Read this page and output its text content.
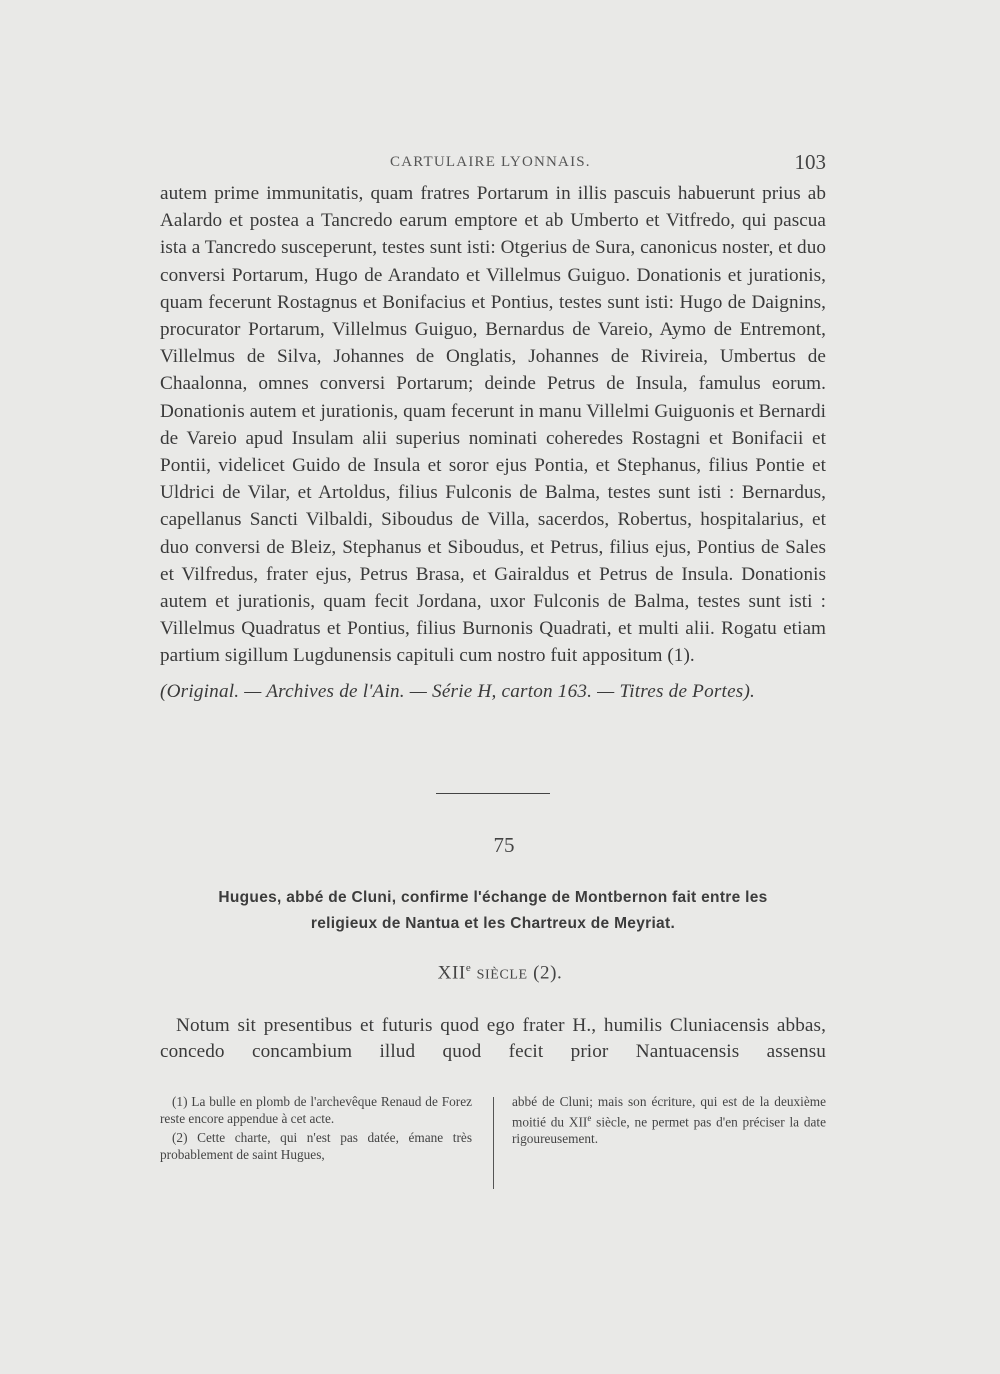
CARTULAIRE LYONNAIS.	103

autem prime immunitatis, quam fratres Portarum in illis pascuis habuerunt prius ab Aalardo et postea a Tancredo earum emptore et ab Umberto et Vitfredo, qui pascua ista a Tancredo susceperunt, testes sunt isti: Otgerius de Sura, canonicus noster, et duo conversi Portarum, Hugo de Arandato et Villelmus Guiguo. Donationis et jurationis, quam fecerunt Rostagnus et Bonifacius et Pontius, testes sunt isti: Hugo de Daignins, procurator Portarum, Villelmus Guiguo, Bernardus de Vareio, Aymo de Entremont, Villelmus de Silva, Johannes de Onglatis, Johannes de Rivireia, Umbertus de Chaalonna, omnes conversi Portarum; deinde Petrus de Insula, famulus eorum. Donationis autem et jurationis, quam fecerunt in manu Villelmi Guiguonis et Bernardi de Vareio apud Insulam alii superius nominati coheredes Rostagni et Bonifacii et Pontii, videlicet Guido de Insula et soror ejus Pontia, et Stephanus, filius Pontie et Uldrici de Vilar, et Artoldus, filius Fulconis de Balma, testes sunt isti : Bernardus, capellanus Sancti Vilbaldi, Siboudus de Villa, sacerdos, Robertus, hospitalarius, et duo conversi de Bleiz, Stephanus et Siboudus, et Petrus, filius ejus, Pontius de Sales et Vilfredus, frater ejus, Petrus Brasa, et Gairaldus et Petrus de Insula. Donationis autem et jurationis, quam fecit Jordana, uxor Fulconis de Balma, testes sunt isti : Villelmus Quadratus et Pontius, filius Burnonis Quadrati, et multi alii. Rogatu etiam partium sigillum Lugdunensis capituli cum nostro fuit appositum (1).

(Original. — Archives de l'Ain. — Série H, carton 163. — Titres de Portes).

75

Hugues, abbé de Cluni, confirme l'échange de Montbernon fait entre les
religieux de Nantua et les Chartreux de Meyriat.

XIIe SIÈCLE (2).

Notum sit presentibus et futuris quod ego frater H., humilis Cluniacensis abbas, concedo concambium illud quod fecit prior Nantuacensis assensu

(1) La bulle en plomb de l'archevêque Renaud de Forez reste encore appendue à cet acte.

(2) Cette charte, qui n'est pas datée, émane très probablement de saint Hugues,

abbé de Cluni; mais son écriture, qui est de la deuxième moitié du XIIe siècle, ne permet pas d'en préciser la date rigoureusement.
